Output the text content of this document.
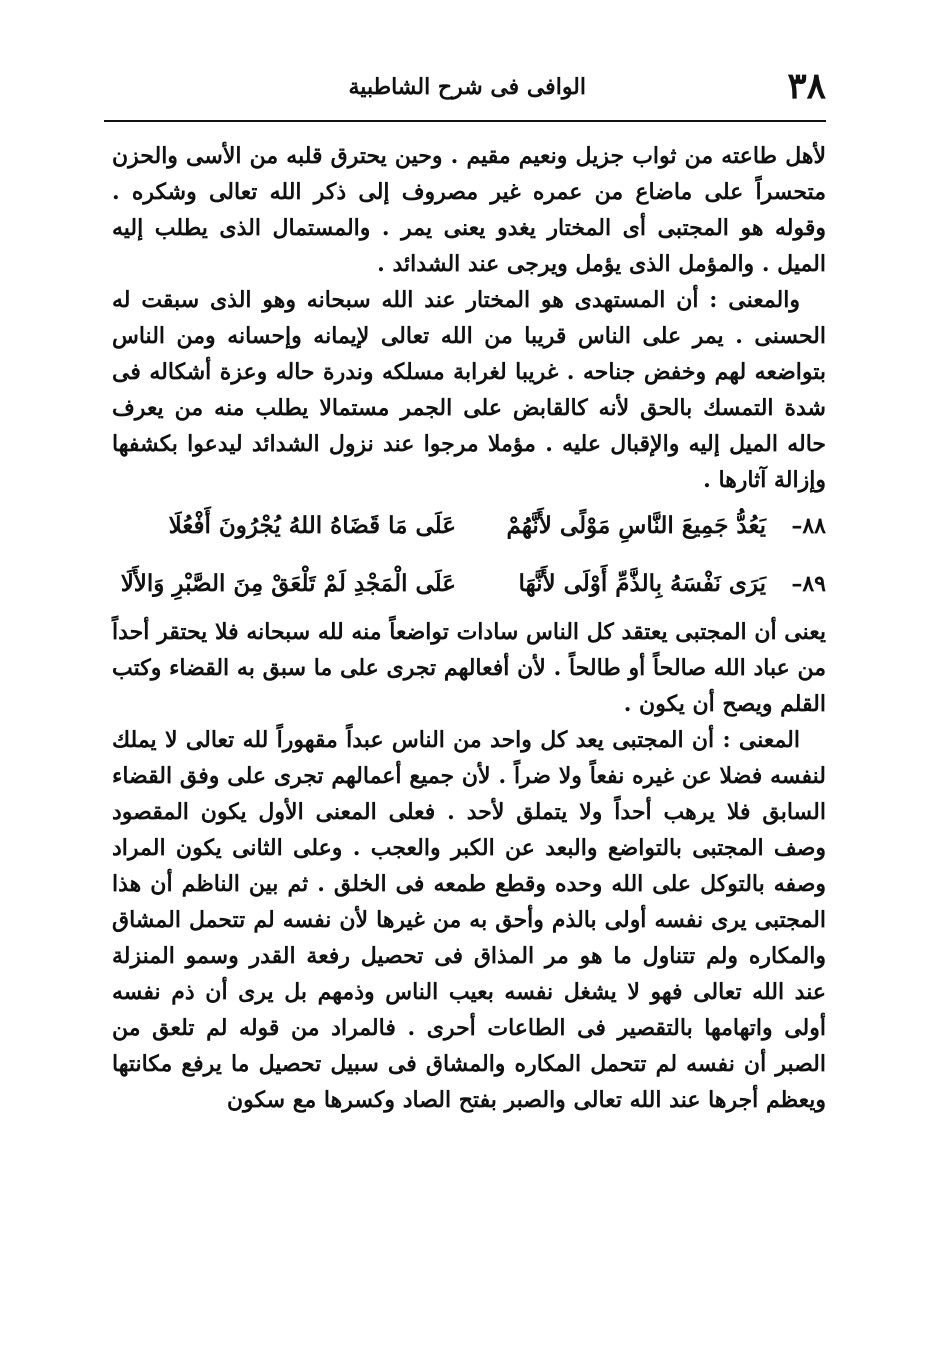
٣٨
الوافى فى شرح الشاطبية

لأهل طاعته من ثواب جزيل ونعيم مقيم . وحين يحترق قلبه من الأسى والحزن متحسراً على ماضاع من عمره غير مصروف إلى ذكر الله تعالى وشكره . وقوله هو المجتبى أى المختار يغدو يعنى يمر . والمستمال الذى يطلب إليه الميل . والمؤمل الذى يؤمل ويرجى عند الشدائد .

والمعنى : أن المستهدى هو المختار عند الله سبحانه وهو الذى سبقت له الحسنى . يمر على الناس قريبا من الله تعالى لإيمانه وإحسانه ومن الناس بتواضعه لهم وخفض جناحه . غريبا لغرابة مسلكه وندرة حاله وعزة أشكاله فى شدة التمسك بالحق لأنه كالقابض على الجمر مستمالا يطلب منه من يعرف حاله الميل إليه والإقبال عليه . مؤملا مرجوا عند نزول الشدائد ليدعوا بكشفها وإزالة آثارها .

٨٨–
يَعُدُّ جَمِيعَ النَّاسِ مَوْلًى لأَنَّهُمْ
عَلَى مَا قَضَاهُ اللهُ يُجْرُونَ أَفْعُلَا
٨٩–
يَرَى نَفْسَهُ بِالذَّمِّ أَوْلَى لأَنَّهَا
عَلَى الْمَجْدِ لَمْ تَلْعَقْ مِنَ الصَّبْرِ وَالأَلَا

يعنى أن المجتبى يعتقد كل الناس سادات تواضعاً منه لله سبحانه فلا يحتقر أحداً من عباد الله صالحاً أو طالحاً . لأن أفعالهم تجرى على ما سبق به القضاء وكتب القلم ويصح أن يكون .

المعنى : أن المجتبى يعد كل واحد من الناس عبداً مقهوراً لله تعالى لا يملك لنفسه فضلا عن غيره نفعاً ولا ضراً . لأن جميع أعمالهم تجرى على وفق القضاء السابق فلا يرهب أحداً ولا يتملق لأحد . فعلى المعنى الأول يكون المقصود وصف المجتبى بالتواضع والبعد عن الكبر والعجب . وعلى الثانى يكون المراد وصفه بالتوكل على الله وحده وقطع طمعه فى الخلق . ثم بين الناظم أن هذا المجتبى يرى نفسه أولى بالذم وأحق به من غيرها لأن نفسه لم تتحمل المشاق والمكاره ولم تتناول ما هو مر المذاق فى تحصيل رفعة القدر وسمو المنزلة عند الله تعالى فهو لا يشغل نفسه بعيب الناس وذمهم بل يرى أن ذم نفسه أولى واتهامها بالتقصير فى الطاعات أحرى . فالمراد من قوله لم تلعق من الصبر أن نفسه لم تتحمل المكاره والمشاق فى سبيل تحصيل ما يرفع مكانتها ويعظم أجرها عند الله تعالى والصبر بفتح الصاد وكسرها مع سكون
